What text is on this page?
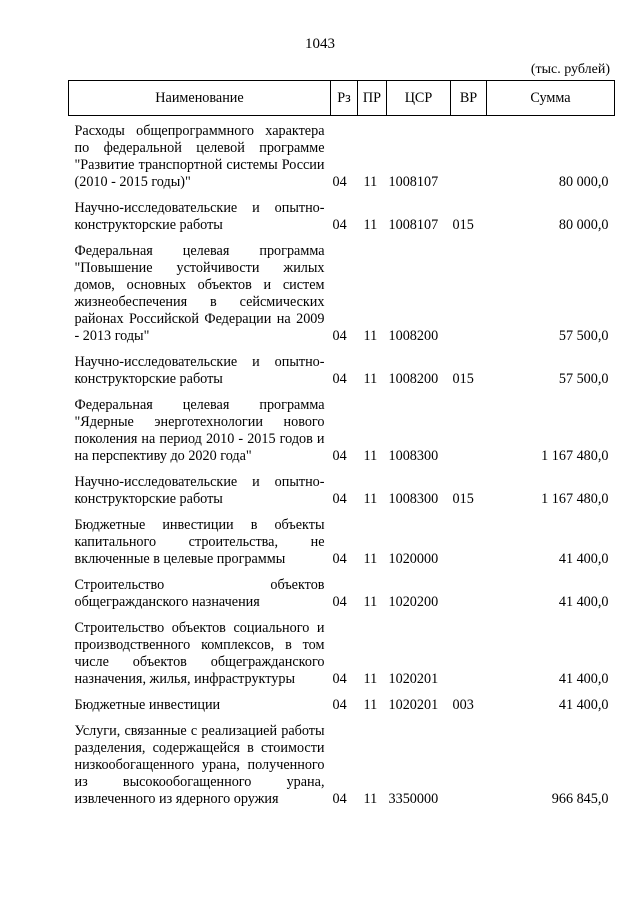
1043
(тыс. рублей)
Наименование	Рз	ПР	ЦСР	ВР	Сумма
Расходы общепрограммного характера по федеральной целевой программе "Развитие транспортной системы России (2010 - 2015 годы)"	04	11	1008107		80 000,0
Научно-исследовательские и опытно-конструкторские работы	04	11	1008107	015	80 000,0
Федеральная целевая программа "Повышение устойчивости жилых домов, основных объектов и систем жизнеобеспечения в сейсмических районах Российской Федерации на 2009 - 2013 годы"	04	11	1008200		57 500,0
Научно-исследовательские и опытно-конструкторские работы	04	11	1008200	015	57 500,0
Федеральная целевая программа "Ядерные энерготехнологии нового поколения на период 2010 - 2015 годов и на перспективу до 2020 года"	04	11	1008300		1 167 480,0
Научно-исследовательские и опытно-конструкторские работы	04	11	1008300	015	1 167 480,0
Бюджетные инвестиции в объекты капитального строительства, не включенные в целевые программы	04	11	1020000		41 400,0
Строительство объектов общегражданского назначения	04	11	1020200		41 400,0
Строительство объектов социального и производственного комплексов, в том числе объектов общегражданского назначения, жилья, инфраструктуры	04	11	1020201		41 400,0
Бюджетные инвестиции	04	11	1020201	003	41 400,0
Услуги, связанные с реализацией работы разделения, содержащейся в стоимости низкообогащенного урана, полученного из высокообогащенного урана, извлеченного из ядерного оружия	04	11	3350000		966 845,0
